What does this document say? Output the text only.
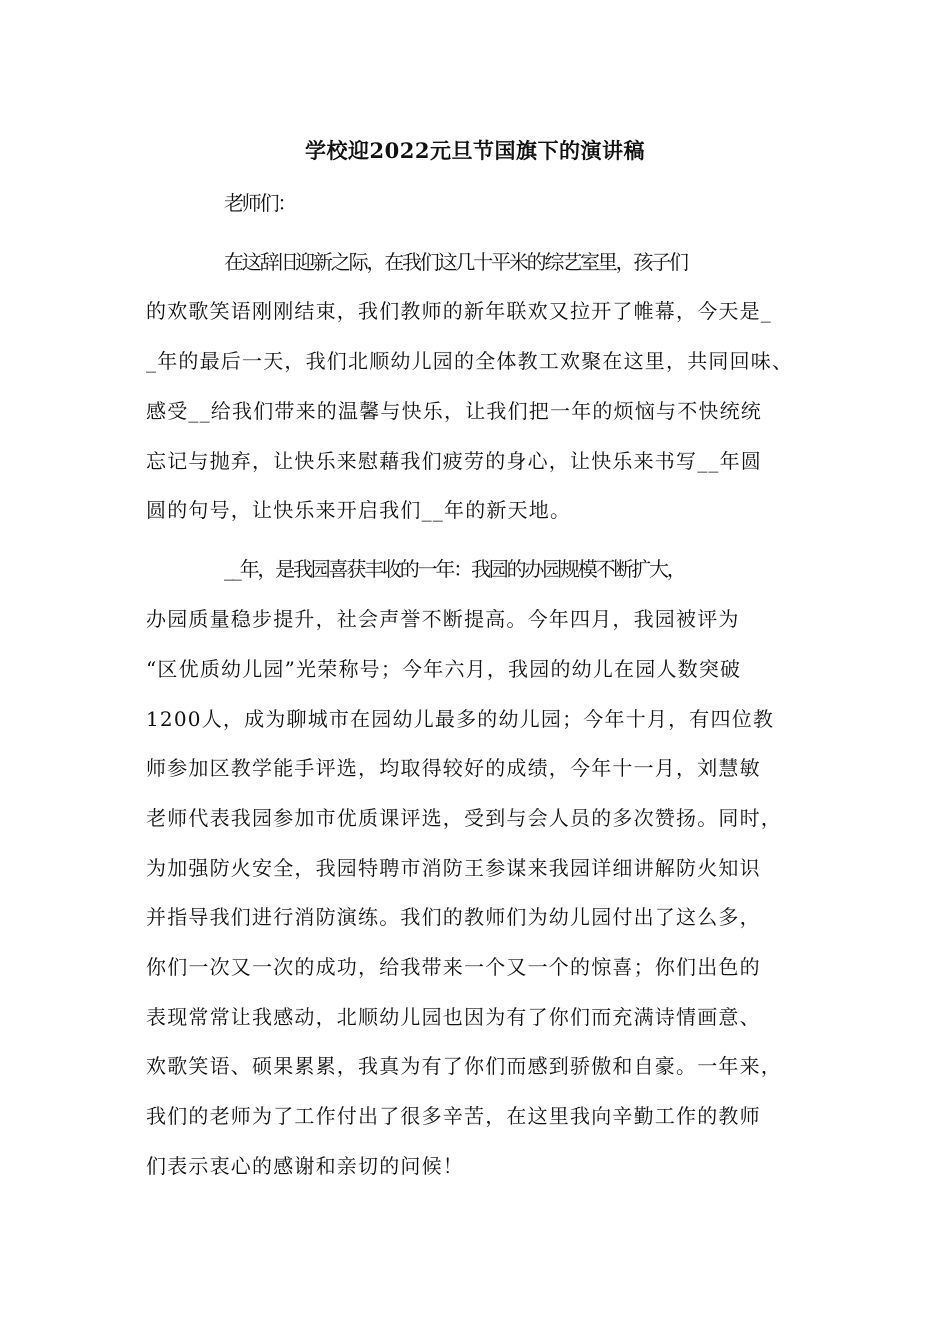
学校迎2022元旦节国旗下的演讲稿
老师们：
在这辞旧迎新之际，在我们这几十平米的综艺室里，孩子们
的欢歌笑语刚刚结束，我们教师的新年联欢又拉开了帷幕，今天是_
_年的最后一天，我们北顺幼儿园的全体教工欢聚在这里，共同回味、
感受__给我们带来的温馨与快乐，让我们把一年的烦恼与不快统统
忘记与抛弃，让快乐来慰藉我们疲劳的身心，让快乐来书写__年圆
圆的句号，让快乐来开启我们__年的新天地。
__年，是我园喜获丰收的一年：我园的办园规模不断扩大，
办园质量稳步提升，社会声誉不断提高。今年四月，我园被评为
“区优质幼儿园”光荣称号；今年六月，我园的幼儿在园人数突破
1200人，成为聊城市在园幼儿最多的幼儿园；今年十月，有四位教
师参加区教学能手评选，均取得较好的成绩，今年十一月，刘慧敏
老师代表我园参加市优质课评选，受到与会人员的多次赞扬。同时，
为加强防火安全，我园特聘市消防王参谋来我园详细讲解防火知识
并指导我们进行消防演练。我们的教师们为幼儿园付出了这么多，
你们一次又一次的成功，给我带来一个又一个的惊喜；你们出色的
表现常常让我感动，北顺幼儿园也因为有了你们而充满诗情画意、
欢歌笑语、硕果累累，我真为有了你们而感到骄傲和自豪。一年来，
我们的老师为了工作付出了很多辛苦，在这里我向辛勤工作的教师
们表示衷心的感谢和亲切的问候！
